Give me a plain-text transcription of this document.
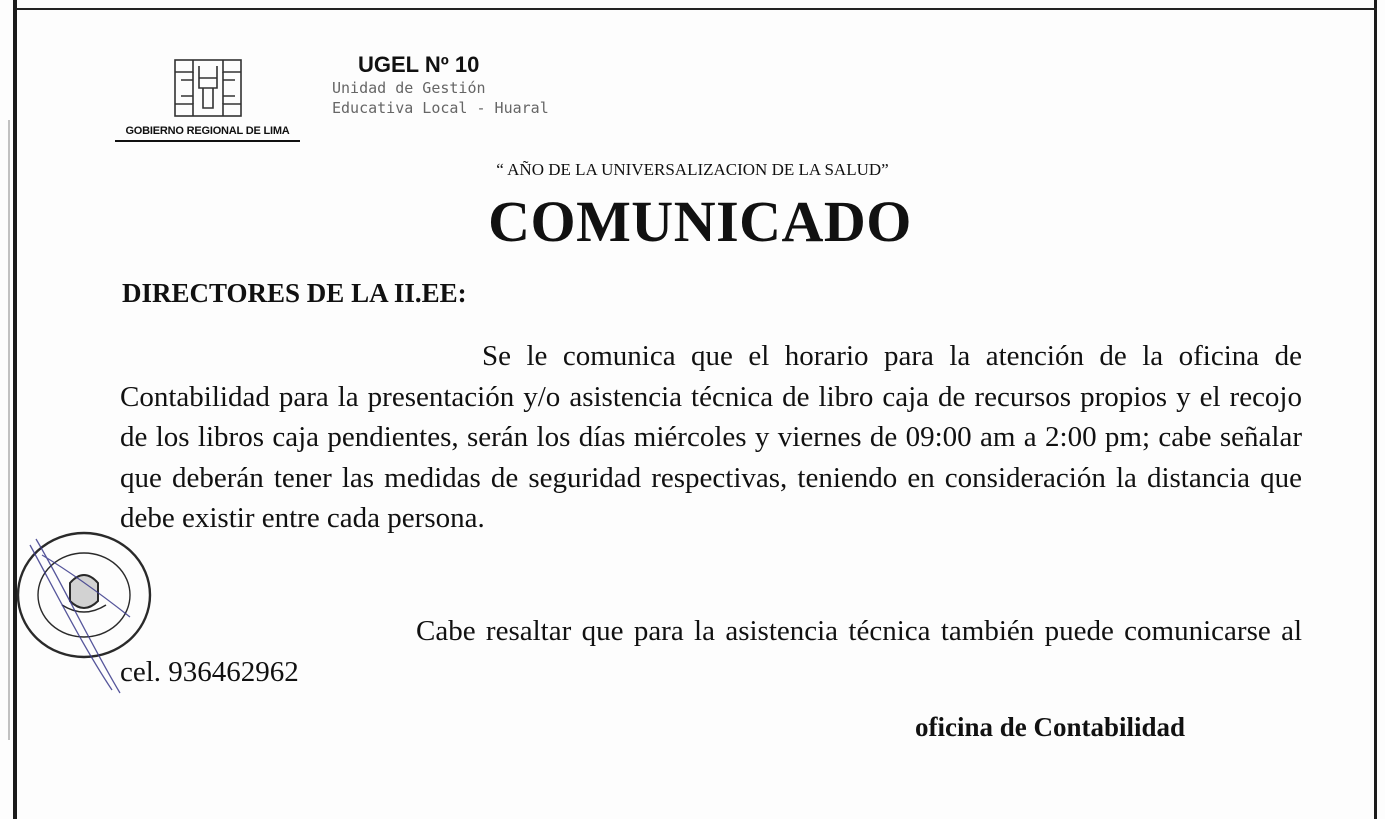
GOBIERNO REGIONAL DE LIMA
UGEL Nº 10
Unidad de Gestión
Educativa Local - Huaral
“ AÑO DE LA UNIVERSALIZACION DE LA SALUD”
COMUNICADO
DIRECTORES DE LA II.EE:

Se le comunica que el horario para la atención de la oficina de Contabilidad para la presentación y/o asistencia técnica de libro caja de recursos propios y el recojo de los libros caja pendientes, serán los días miércoles y viernes de 09:00 am a 2:00 pm; cabe señalar que deberán tener las medidas de seguridad respectivas, teniendo en consideración la distancia que debe existir entre cada persona.

Cabe resaltar que para la asistencia técnica también puede comunicarse al cel. 936462962

oficina de Contabilidad
